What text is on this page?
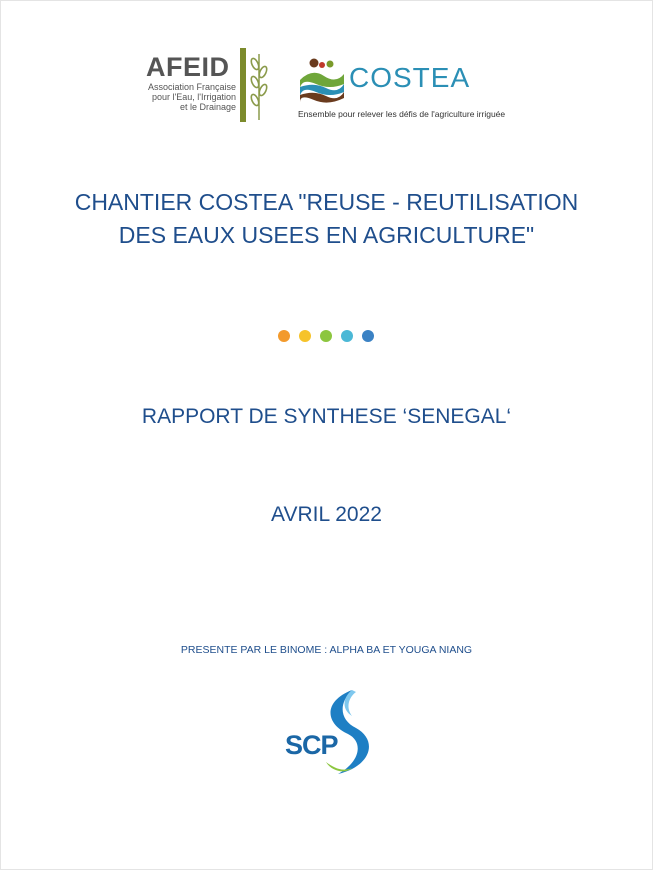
AFEID
Association Française
pour l'Eau, l'Irrigation
et le Drainage
COSTEA
Ensemble pour relever les défis de l'agriculture irriguée
CHANTIER COSTEA "REUSE - REUTILISATION
DES EAUX USEES EN AGRICULTURE"
RAPPORT DE SYNTHESE ‘SENEGAL‘
AVRIL 2022
PRESENTE PAR LE BINOME : ALPHA BA ET YOUGA NIANG
SCP
